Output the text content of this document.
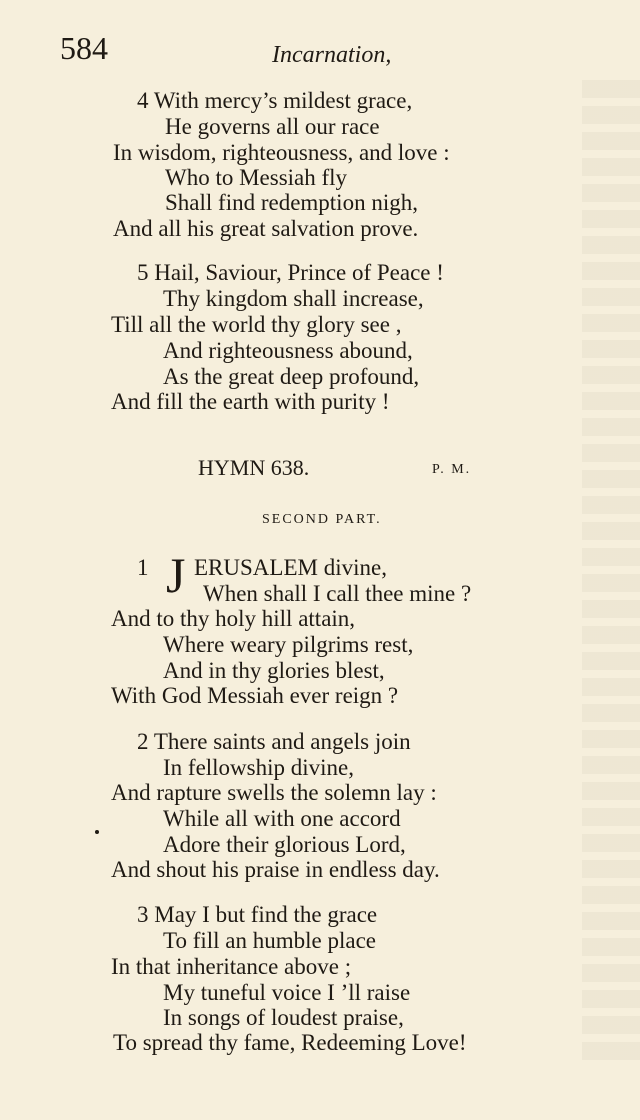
584	Incarnation,
4 With mercy’s mildest grace,
He governs all our race
In wisdom, righteousness, and love :
Who to Messiah fly
Shall find redemption nigh,
And all his great salvation prove.
5 Hail, Saviour, Prince of Peace !
Thy kingdom shall increase,
Till all the world thy glory see ,
And righteousness abound,
As the great deep profound,
And fill the earth with purity !
HYMN 638.	P. M.
SECOND PART.
1 J ERUSALEM divine,
When shall I call thee mine ?
And to thy holy hill attain,
Where weary pilgrims rest,
And in thy glories blest,
With God Messiah ever reign ?
2 There saints and angels join
In fellowship divine,
And rapture swells the solemn lay :
While all with one accord
Adore their glorious Lord,
And shout his praise in endless day.
3 May I but find the grace
To fill an humble place
In that inheritance above ;
My tuneful voice I ’ll raise
In songs of loudest praise,
To spread thy fame, Redeeming Love!
